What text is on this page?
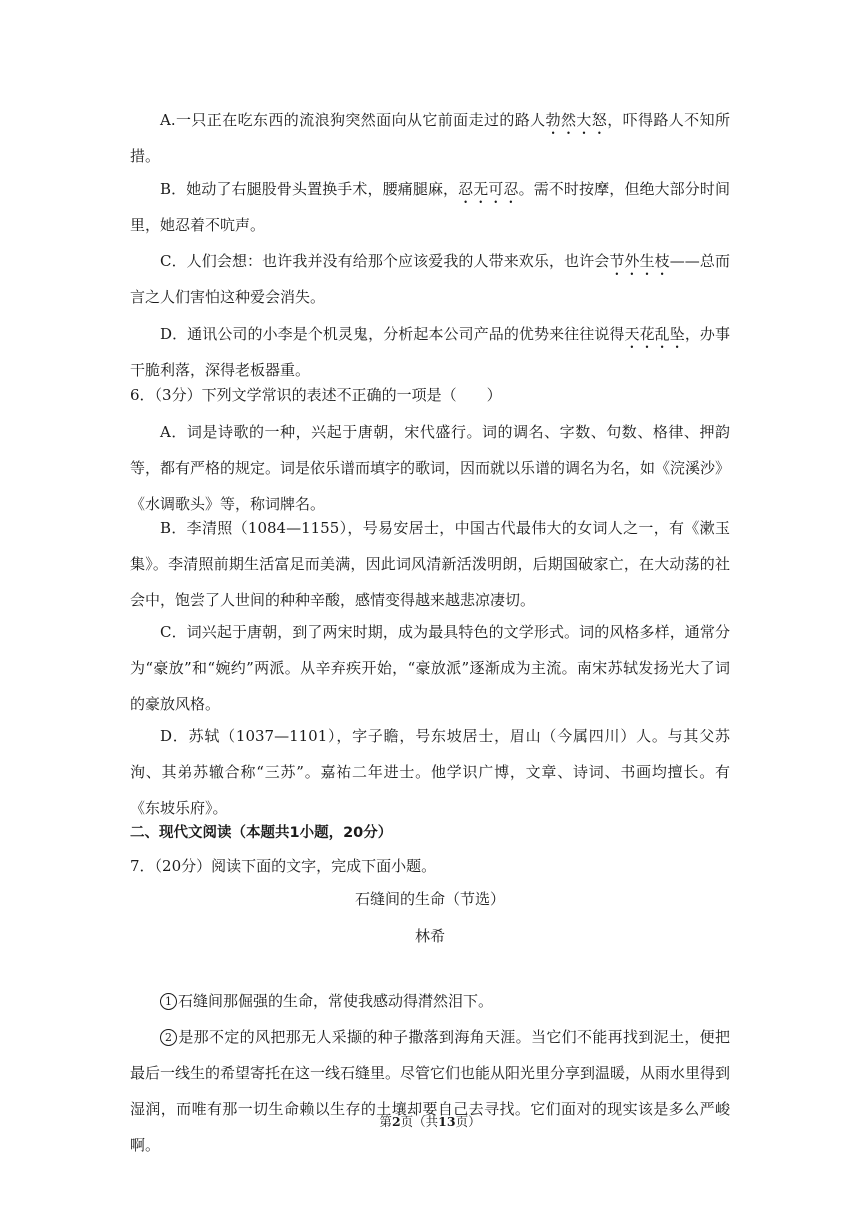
A.一只正在吃东西的流浪狗突然面向从它前面走过的路人勃然大怒，吓得路人不知所措。

B．她动了右腿股骨头置换手术，腰痛腿麻，忍无可忍。需不时按摩，但绝大部分时间里，她忍着不吭声。

C．人们会想：也许我并没有给那个应该爱我的人带来欢乐，也许会节外生枝——总而言之人们害怕这种爱会消失。

D．通讯公司的小李是个机灵鬼，分析起本公司产品的优势来往往说得天花乱坠，办事干脆利落，深得老板器重。

6．（3分）下列文学常识的表述不正确的一项是（　　）

A．词是诗歌的一种，兴起于唐朝，宋代盛行。词的调名、字数、句数、格律、押韵等，都有严格的规定。词是依乐谱而填字的歌词，因而就以乐谱的调名为名，如《浣溪沙》《水调歌头》等，称词牌名。

B．李清照（1084—1155），号易安居士，中国古代最伟大的女词人之一，有《漱玉集》。李清照前期生活富足而美满，因此词风清新活泼明朗，后期国破家亡，在大动荡的社会中，饱尝了人世间的种种辛酸，感情变得越来越悲凉凄切。

C．词兴起于唐朝，到了两宋时期，成为最具特色的文学形式。词的风格多样，通常分为“豪放”和“婉约”两派。从辛弃疾开始，“豪放派”逐渐成为主流。南宋苏轼发扬光大了词的豪放风格。

D．苏轼（1037—1101），字子瞻，号东坡居士，眉山（今属四川）人。与其父苏洵、其弟苏辙合称“三苏”。嘉祐二年进士。他学识广博，文章、诗词、书画均擅长。有《东坡乐府》。

二、现代文阅读（本题共1小题，20分）
7．（20分）阅读下面的文字，完成下面小题。
石缝间的生命（节选）
林希

1 石缝间那倔强的生命，常使我感动得潸然泪下。

2 是那不定的风把那无人采撷的种子撒落到海角天涯。当它们不能再找到泥土，便把最后一线生的希望寄托在这一线石缝里。尽管它们也能从阳光里分享到温暖，从雨水里得到湿润，而唯有那一切生命赖以生存的土壤却要自己去寻找。它们面对的现实该是多么严峻啊。

第2页（共13页）
